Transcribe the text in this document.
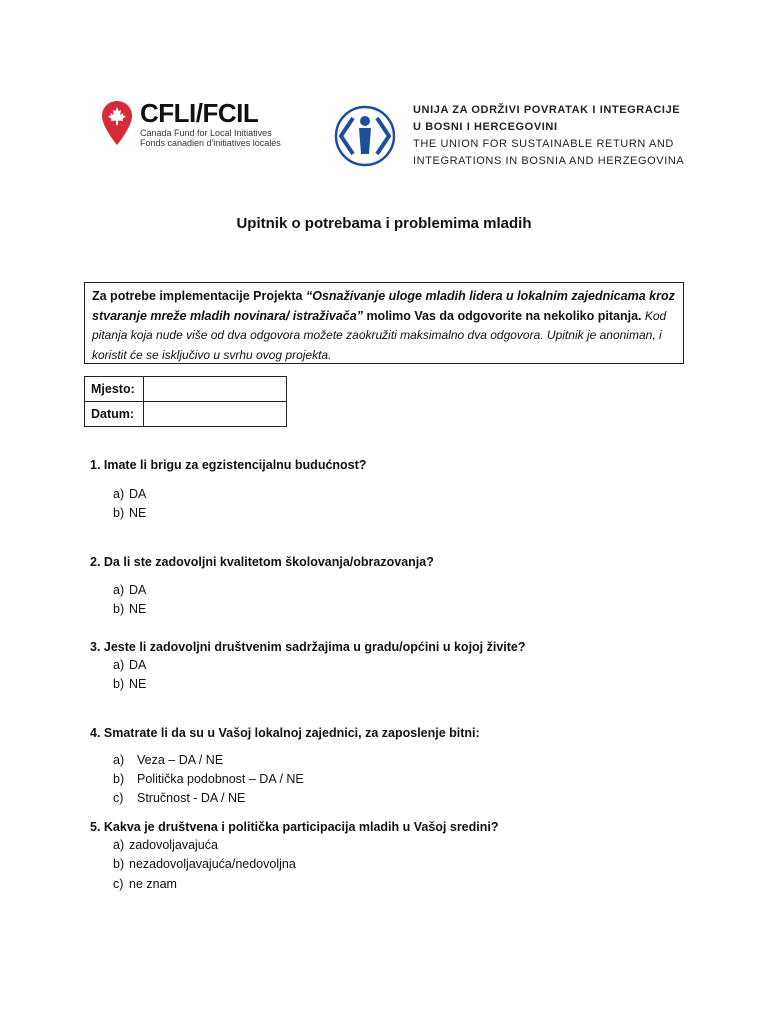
CFLI/FCIL
Canada Fund for Local Initiatives
Fonds canadien d'initiatives locales
UNIJA ZA ODRŽIVI POVRATAK I INTEGRACIJE
U BOSNI I HERCEGOVINI
THE UNION FOR SUSTAINABLE RETURN AND
INTEGRATIONS IN BOSNIA AND HERZEGOVINA
Upitnik o potrebama i problemima mladih
Za potrebe implementacije Projekta “Osnaživanje uloge mladih lidera u lokalnim zajednicama kroz stvaranje mreže mladih novinara/ istraživača” molimo Vas da odgovorite na nekoliko pitanja. Kod pitanja koja nude više od dva odgovora možete zaokružiti maksimalno dva odgovora. Upitnik je anoniman, i koristit će se isključivo u svrhu ovog projekta.
Mjesto:	
Datum:	
1. Imate li brigu za egzistencijalnu budućnost?
a) DA
b) NE
2. Da li ste zadovoljni kvalitetom školovanja/obrazovanja?
a) DA
b) NE
3. Jeste li zadovoljni društvenim sadržajima u gradu/općini u kojoj živite?
a) DA
b) NE
4. Smatrate li da su u Vašoj lokalnoj zajednici, za zaposlenje bitni:
a) Veza – DA / NE
b) Politička podobnost – DA / NE
c) Stručnost - DA / NE
5. Kakva je društvena i politička participacija mladih u Vašoj sredini?
a) zadovoljavajuća
b) nezadovoljavajuća/nedovoljna
c) ne znam
